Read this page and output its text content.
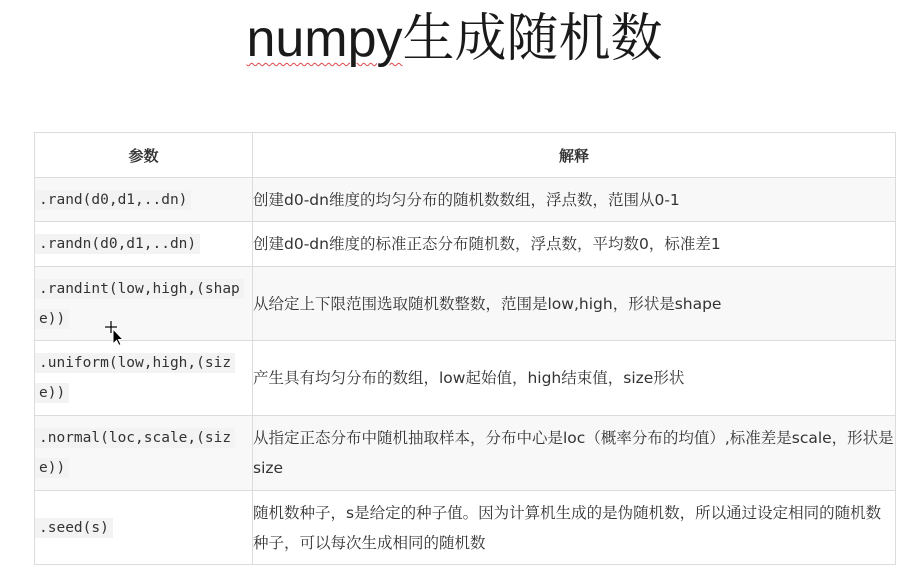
numpy生成随机数
参数	解释
.rand(d0,d1,..dn)	创建d0-dn维度的均匀分布的随机数数组，浮点数，范围从0-1
.randn(d0,d1,..dn)	创建d0-dn维度的标准正态分布随机数，浮点数，平均数0，标准差1
.randint(low,high,(shape))	从给定上下限范围选取随机数整数，范围是low,high，形状是shape
.uniform(low,high,(size))	产生具有均匀分布的数组，low起始值，high结束值，size形状
.normal(loc,scale,(size))	从指定正态分布中随机抽取样本，分布中心是loc（概率分布的均值）,标准差是scale，形状是size
.seed(s)	随机数种子，s是给定的种子值。因为计算机生成的是伪随机数，所以通过设定相同的随机数种子，可以每次生成相同的随机数
